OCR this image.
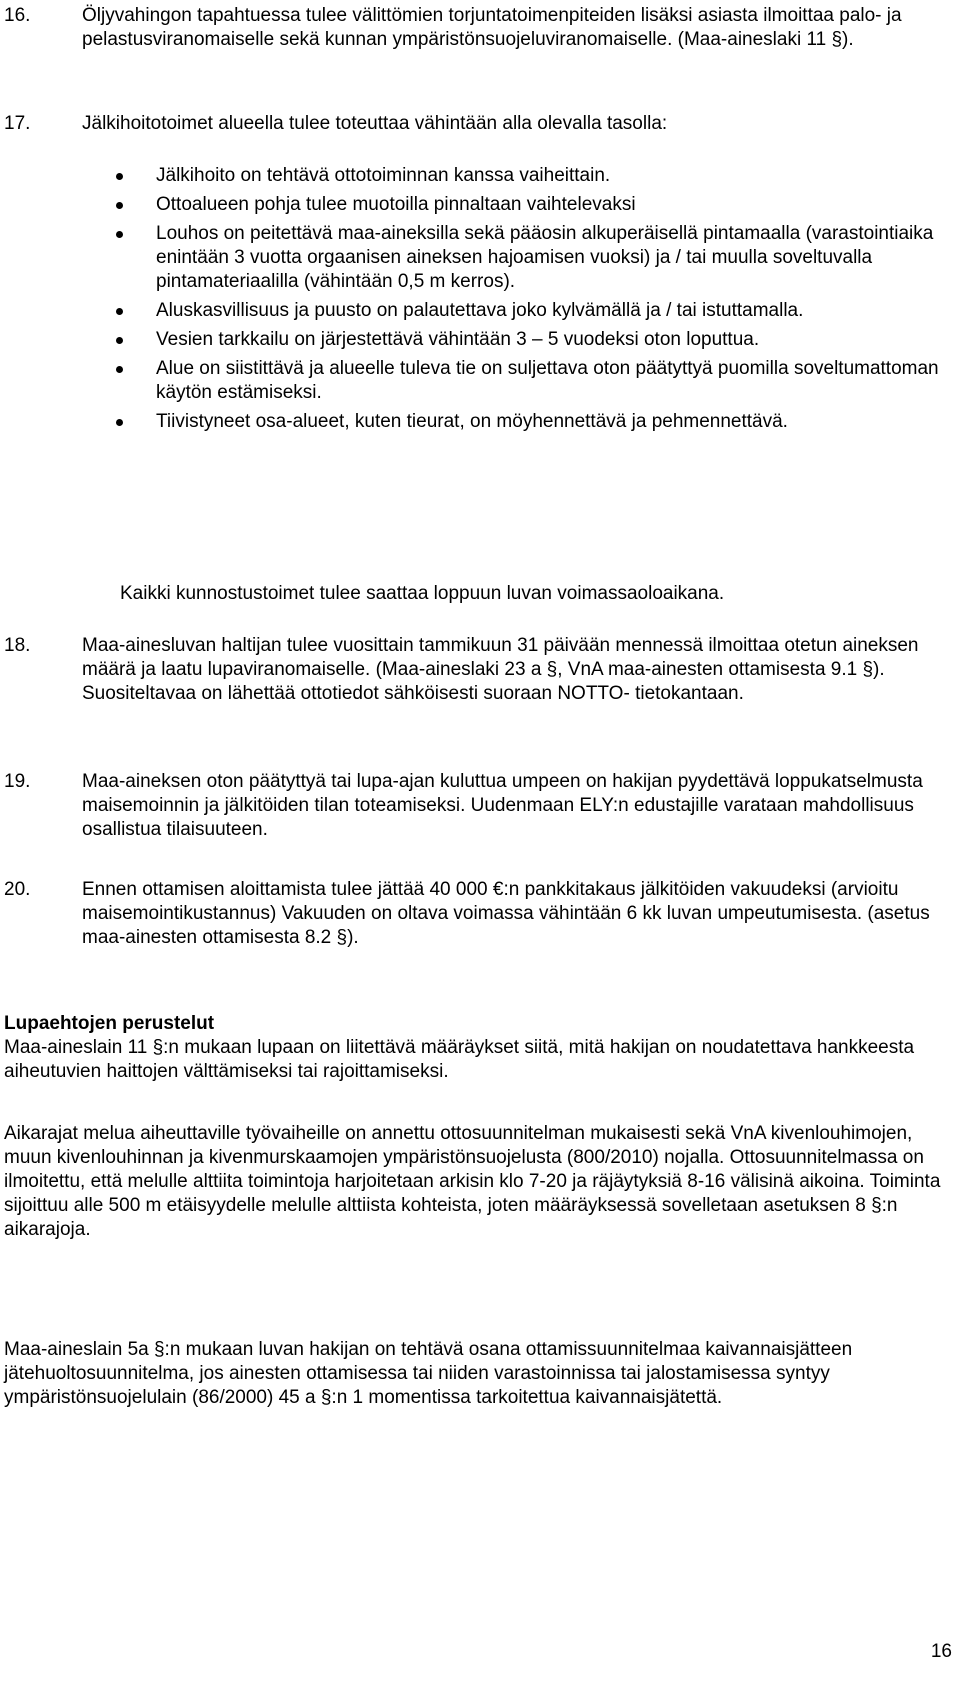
16.	Öljyvahingon tapahtuessa tulee välittömien torjuntatoimenpiteiden lisäksi asiasta ilmoittaa palo- ja pelastusviranomaiselle sekä kunnan ympäristönsuojeluviranomaiselle. (Maa-aineslaki 11 §).
17.	Jälkihoitotoimet alueella tulee toteuttaa vähintään alla olevalla tasolla:
Jälkihoito on tehtävä ottotoiminnan kanssa vaiheittain.
Ottoalueen pohja tulee muotoilla pinnaltaan vaihtelevaksi
Louhos on peitettävä maa-aineksilla sekä pääosin alkuperäisellä pintamaalla (varastointiaika enintään 3 vuotta orgaanisen aineksen hajoamisen vuoksi) ja / tai muulla soveltuvalla pintamateriaalilla (vähintään 0,5 m kerros).
Aluskasvillisuus ja puusto on palautettava joko kylvämällä ja / tai istuttamalla.
Vesien tarkkailu on järjestettävä vähintään 3 – 5 vuodeksi oton loputtua.
Alue on siistittävä ja alueelle tuleva tie on suljettava oton päätyttyä puomilla soveltumattoman käytön estämiseksi.
Tiivistyneet osa-alueet, kuten tieurat, on möyhennettävä ja pehmennettävä.

Kaikki kunnostustoimet tulee saattaa loppuun luvan voimassaoloaikana.

18.	Maa-ainesluvan haltijan tulee vuosittain tammikuun 31 päivään mennessä ilmoittaa otetun aineksen määrä ja laatu lupaviranomaiselle. (Maa-aineslaki 23 a §, VnA maa-ainesten ottamisesta 9.1 §). Suositeltavaa on lähettää ottotiedot sähköisesti suoraan NOTTO- tietokantaan.
19.	Maa-aineksen oton päätyttyä tai lupa-ajan kuluttua umpeen on hakijan pyydettävä loppukatselmusta maisemoinnin ja jälkitöiden tilan toteamiseksi. Uudenmaan ELY:n edustajille varataan mahdollisuus osallistua tilaisuuteen.
20.	Ennen ottamisen aloittamista tulee jättää 40 000 €:n pankkitakaus jälkitöiden vakuudeksi (arvioitu maisemointikustannus) Vakuuden on oltava voimassa vähintään 6 kk luvan umpeutumisesta. (asetus maa-ainesten ottamisesta 8.2 §).

Lupaehtojen perustelut

Maa-aineslain 11 §:n mukaan lupaan on liitettävä määräykset siitä, mitä hakijan on noudatettava hankkeesta aiheutuvien haittojen välttämiseksi tai rajoittamiseksi.

Aikarajat melua aiheuttaville työvaiheille on annettu ottosuunnitelman mukaisesti sekä VnA kivenlouhimojen, muun kivenlouhinnan ja kivenmurskaamojen ympäristönsuojelusta (800/2010) nojalla. Ottosuunnitelmassa on ilmoitettu, että melulle alttiita toimintoja harjoitetaan arkisin klo 7-20 ja räjäytyksiä 8-16 välisinä aikoina. Toiminta sijoittuu alle 500 m etäisyydelle melulle alttiista kohteista, joten määräyksessä sovelletaan asetuksen 8 §:n aikarajoja.

Maa-aineslain 5a §:n mukaan luvan hakijan on tehtävä osana ottamissuunnitelmaa kaivannaisjätteen jätehuoltosuunnitelma, jos ainesten ottamisessa tai niiden varastoinnissa tai jalostamisessa syntyy ympäristönsuojelulain (86/2000) 45 a §:n 1 momentissa tarkoitettua kaivannaisjätettä.

16
